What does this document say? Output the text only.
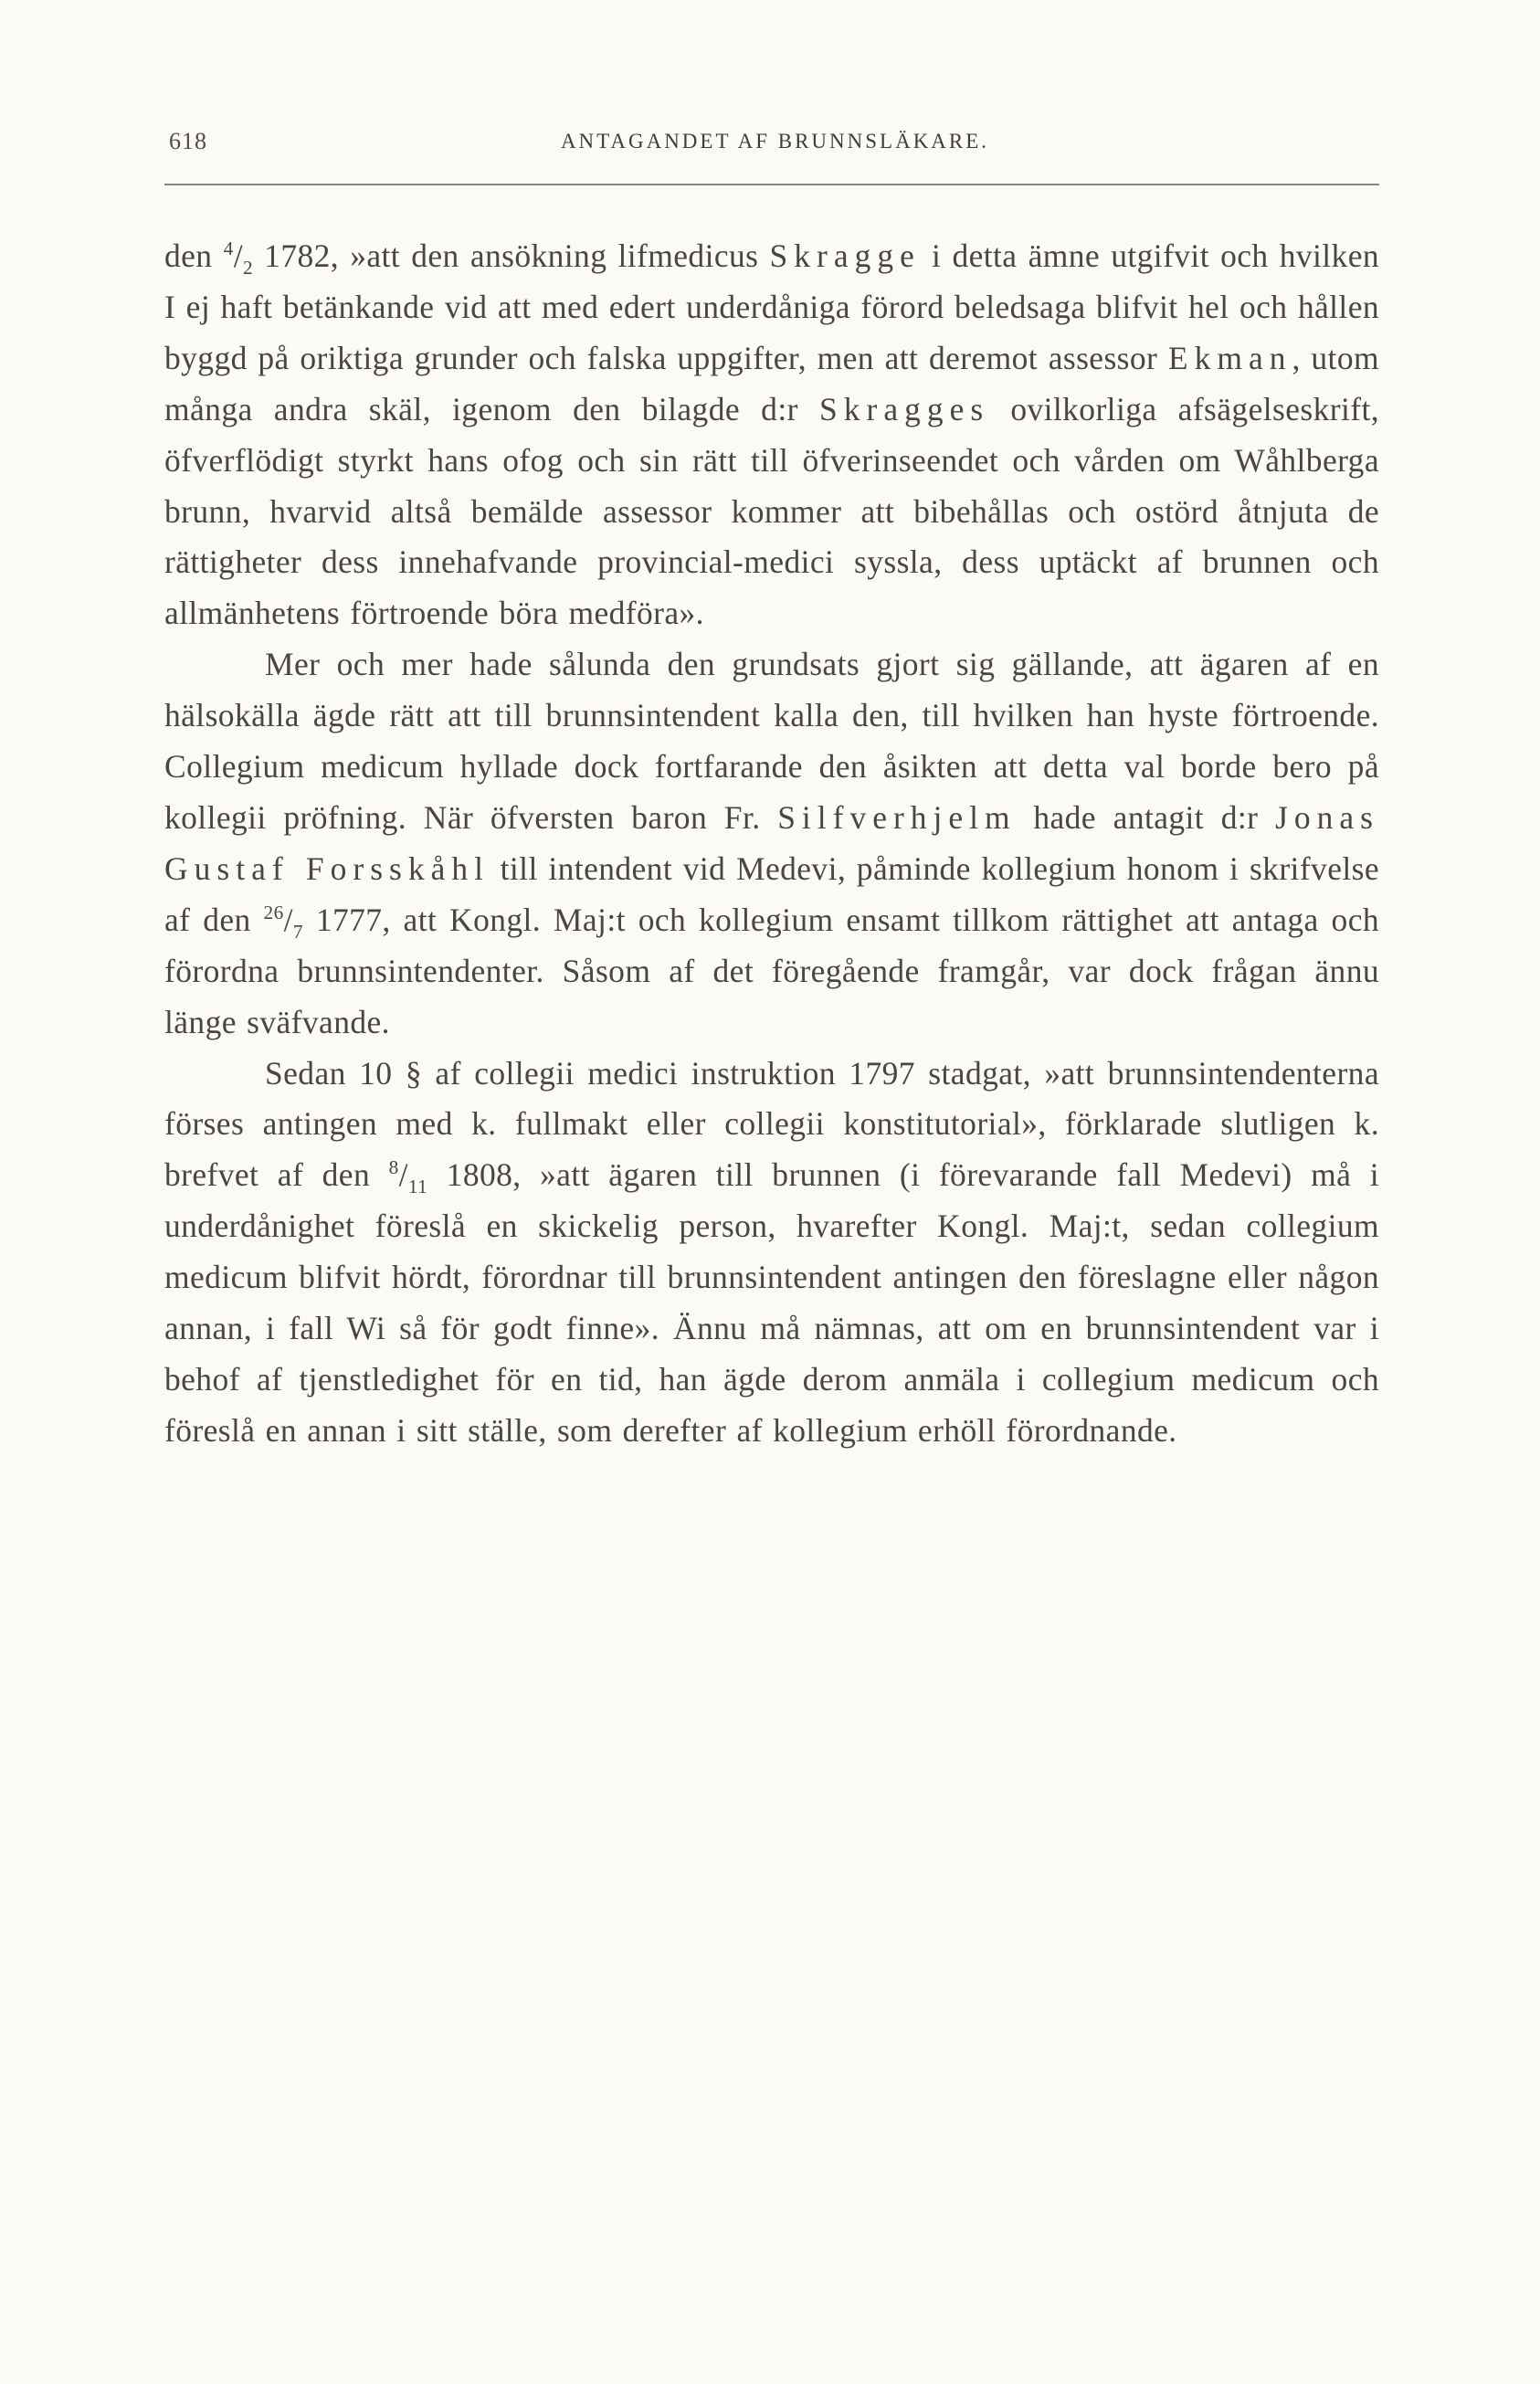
618	ANTAGANDET AF BRUNNSLÄKARE.

den $^4/_2$ 1782, »att den ansökning lifmedicus Skragge i detta ämne utgifvit och hvilken I ej haft betänkande vid att med edert underdåniga förord beledsaga blifvit hel och hållen byggd på oriktiga grunder och falska uppgifter, men att deremot assessor Ekman, utom många andra skäl, igenom den bilagde d:r Skragges ovilkorliga afsägelseskrift, öfverflödigt styrkt hans ofog och sin rätt till öfverinseendet och vården om Wåhlberga brunn, hvarvid altså bemälde assessor kommer att bibehållas och ostörd åtnjuta de rättigheter dess innehafvande provincial-medici syssla, dess uptäckt af brunnen och allmänhetens förtroende böra medföra».

Mer och mer hade sålunda den grundsats gjort sig gällande, att ägaren af en hälsokälla ägde rätt att till brunnsintendent kalla den, till hvilken han hyste förtroende. Collegium medicum hyllade dock fortfarande den åsikten att detta val borde bero på kollegii pröfning. När öfversten baron Fr. Silfverhjelm hade antagit d:r Jonas Gustaf Forsskåhl till intendent vid Medevi, påminde kollegium honom i skrifvelse af den $^{26}/_7$ 1777, att Kongl. Maj:t och kollegium ensamt tillkom rättighet att antaga och förordna brunnsintendenter. Såsom af det föregående framgår, var dock frågan ännu länge sväfvande.

Sedan 10 § af collegii medici instruktion 1797 stadgat, »att brunnsintendenterna förses antingen med k. fullmakt eller collegii konstitutorial», förklarade slutligen k. brefvet af den $^8/_{11}$ 1808, »att ägaren till brunnen (i förevarande fall Medevi) må i underdånighet föreslå en skickelig person, hvarefter Kongl. Maj:t, sedan collegium medicum blifvit hördt, förordnar till brunnsintendent antingen den föreslagne eller någon annan, i fall Wi så för godt finne». Ännu må nämnas, att om en brunnsintendent var i behof af tjenstledighet för en tid, han ägde derom anmäla i collegium medicum och föreslå en annan i sitt ställe, som derefter af kollegium erhöll förordnande.
